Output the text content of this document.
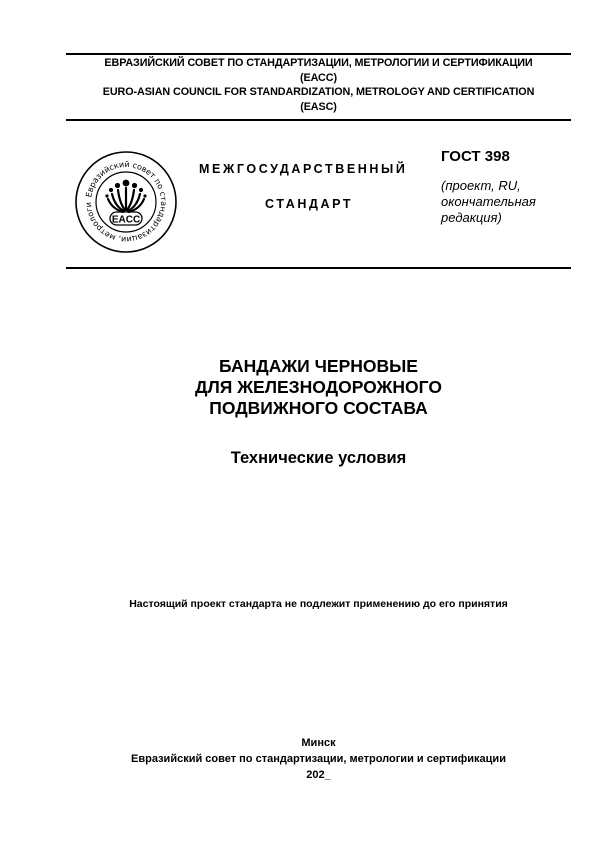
ЕВРАЗИЙСКИЙ СОВЕТ ПО СТАНДАРТИЗАЦИИ, МЕТРОЛОГИИ И СЕРТИФИКАЦИИ
(ЕАСС)
EURO-ASIAN COUNCIL FOR STANDARDIZATION, METROLOGY AND CERTIFICATION
(EASC)
Евразийский совет по стандартизации, метрологи
EACC
МЕЖГОСУДАРСТВЕННЫЙ
СТАНДАРТ
ГОСТ 398
(проект, RU,
окончательная
редакция)
БАНДАЖИ ЧЕРНОВЫЕ
ДЛЯ ЖЕЛЕЗНОДОРОЖНОГО
ПОДВИЖНОГО СОСТАВА
Технические условия
Настоящий проект стандарта не подлежит применению до его принятия
Минск
Евразийский совет по стандартизации, метрологии и сертификации
202_
